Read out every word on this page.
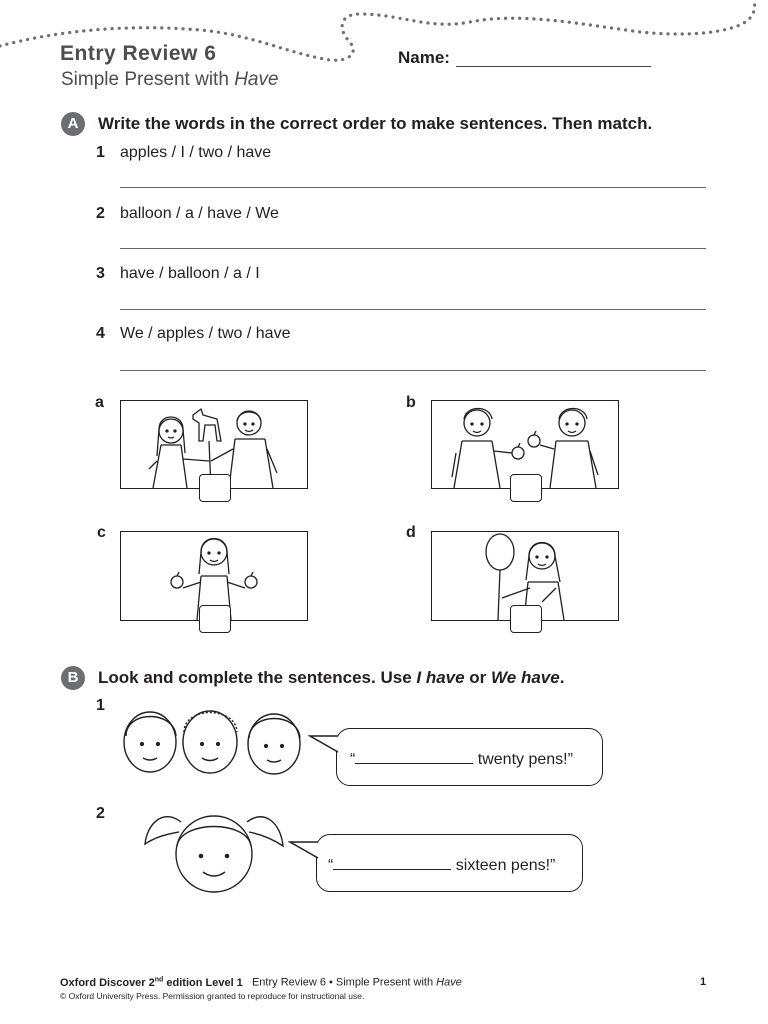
Entry Review 6
Simple Present with Have
Name:
A	Write the words in the correct order to make sentences. Then match.
1 apples / I / two / have
2 balloon / a / have / We
3 have / balloon / a / I
4 We / apples / two / have
a	b
c	d
B	Look and complete the sentences. Use I have or We have.
1
“	twenty pens!”
2
“	sixteen pens!”
Oxford Discover 2nd edition Level 1 Entry Review 6 • Simple Present with Have	1
© Oxford University Press. Permission granted to reproduce for instructional use.
